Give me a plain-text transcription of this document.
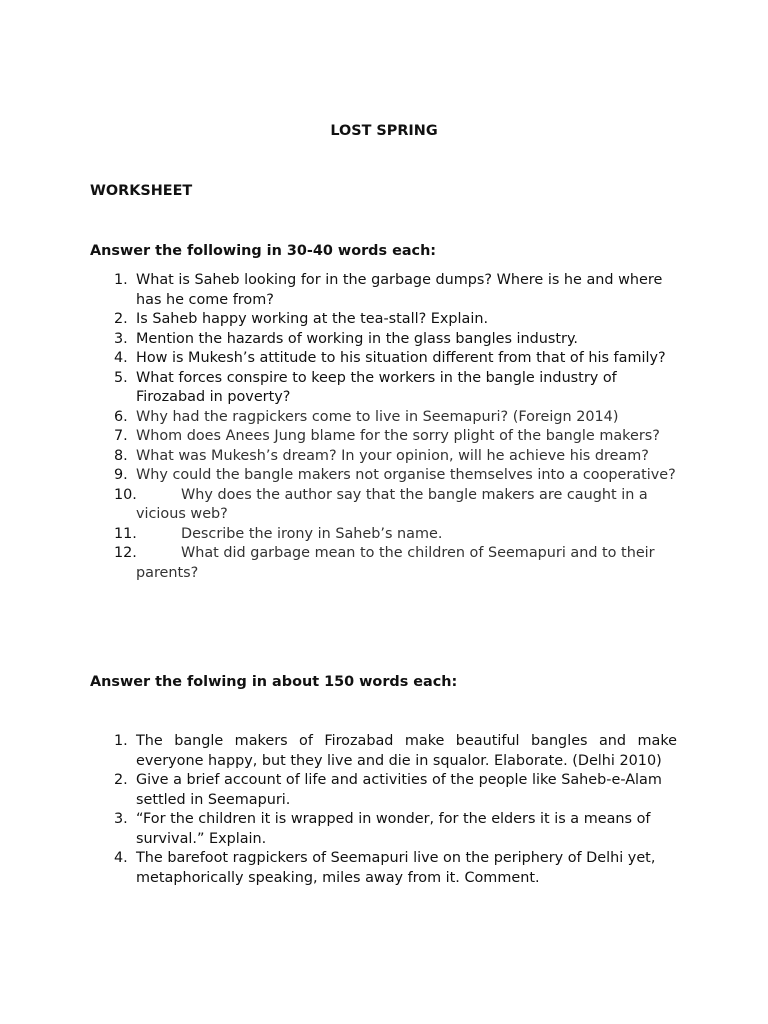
LOST SPRING

WORKSHEET

Answer the following in 30-40 words each:

1. What is Saheb looking for in the garbage dumps? Where is he and where has he come from?
2. Is Saheb happy working at the tea-stall? Explain.
3. Mention the hazards of working in the glass bangles industry.
4. How is Mukesh’s attitude to his situation different from that of his family?
5. What forces conspire to keep the workers in the bangle industry of Firozabad in poverty?
6. Why had the ragpickers come to live in Seemapuri? (Foreign 2014)
7. Whom does Anees Jung blame for the sorry plight of the bangle makers?
8. What was Mukesh’s dream? In your opinion, will he achieve his dream?
9. Why could the bangle makers not organise themselves into a cooperative?
10.	Why does the author say that the bangle makers are caught in a vicious web?
11.	Describe the irony in Saheb’s name.
12.	What did garbage mean to the children of Seemapuri and to their parents?

Answer the folwing in about 150 words each:

1. The bangle makers of Firozabad make beautiful bangles and make everyone happy, but they live and die in squalor. Elaborate. (Delhi 2010)
2. Give a brief account of life and activities of the people like Saheb-e-Alam settled in Seemapuri.
3. “For the children it is wrapped in wonder, for the elders it is a means of survival.” Explain.
4. The barefoot ragpickers of Seemapuri live on the periphery of Delhi yet, metaphorically speaking, miles away from it. Comment.
